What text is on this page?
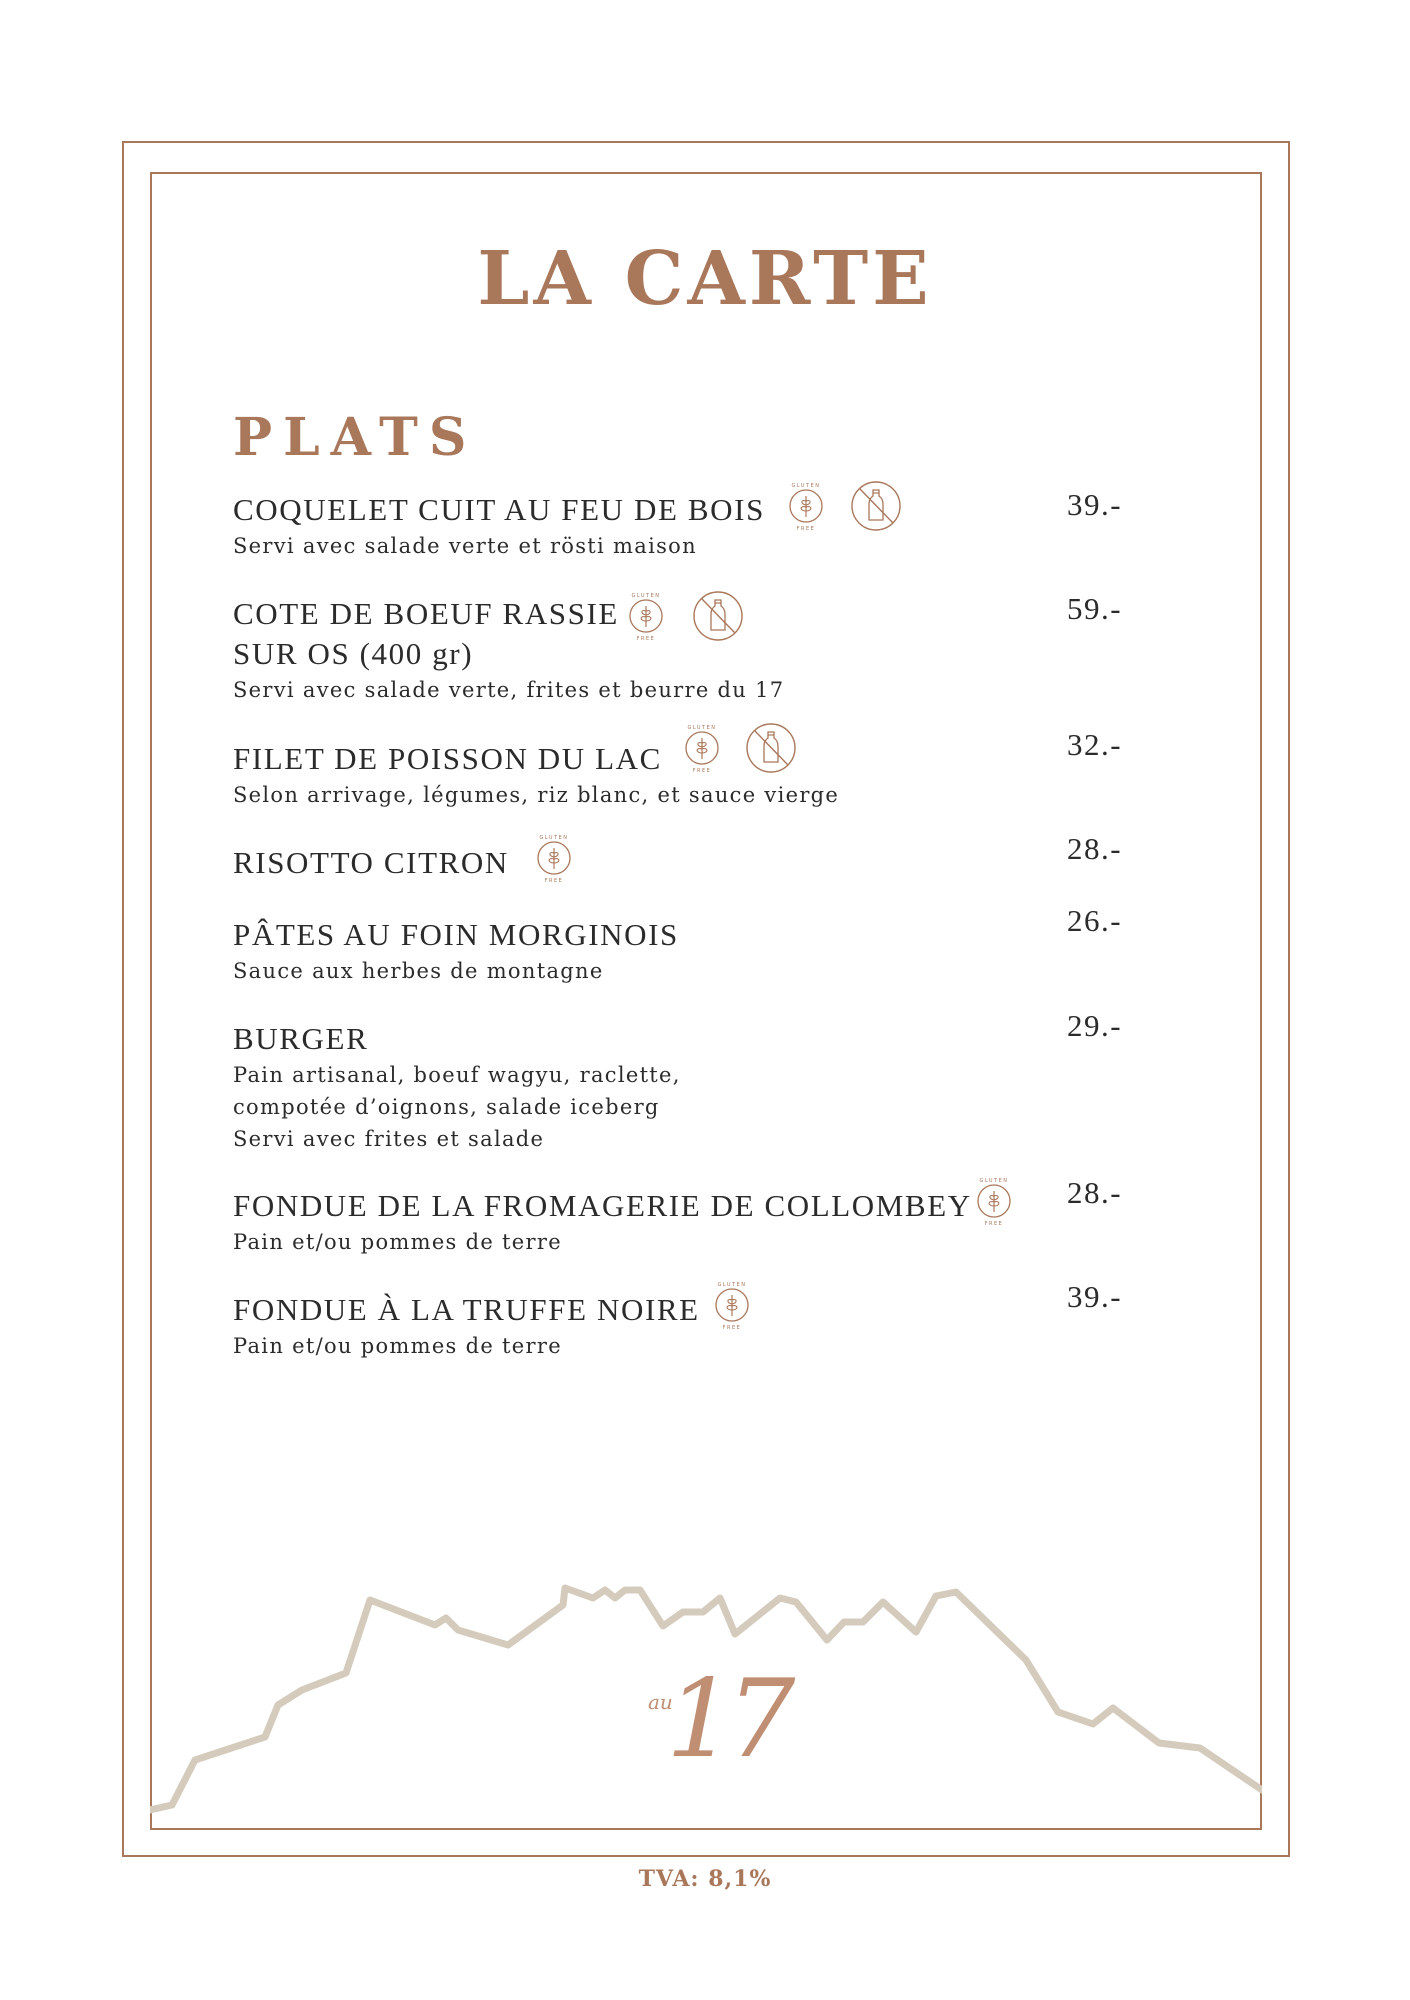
LA CARTE
PLATS
COQUELET CUIT AU FEU DE BOIS
Servi avec salade verte et rösti maison
39.-
COTE DE BOEUF RASSIE
SUR OS (400 gr)
Servi avec salade verte, frites et beurre du 17
59.-
FILET DE POISSON DU LAC
Selon arrivage, légumes, riz blanc, et sauce vierge
32.-
RISOTTO CITRON	28.-
PÂTES AU FOIN MORGINOIS
Sauce aux herbes de montagne
26.-
BURGER
Pain artisanal, boeuf wagyu, raclette,
compotée d’oignons, salade iceberg
Servi avec frites et salade
29.-
FONDUE DE LA FROMAGERIE DE COLLOMBEY
Pain et/ou pommes de terre
28.-
FONDUE À LA TRUFFE NOIRE
Pain et/ou pommes de terre
39.-
au
17
TVA: 8,1%
